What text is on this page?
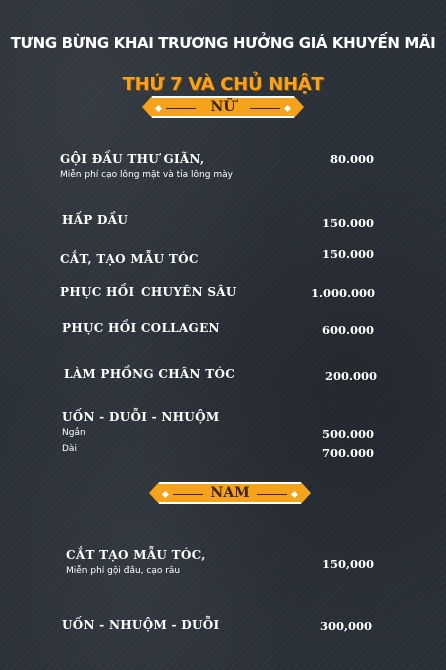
TƯNG BỪNG KHAI TRƯƠNG HƯỞNG GIÁ KHUYẾN MÃI
THỨ 7 VÀ CHỦ NHẬT
NỮ
GỘI ĐẦU THƯ GIÃN,
Miễn phí cạo lông mặt và tỉa lông mày
80.000
HẤP DẦU	150.000
CẮT, TẠO MẪU TÓC	150.000
PHỤC HỒI CHUYÊN SÂU	1.000.000
PHỤC HỒI COLLAGEN	600.000
LÀM PHỒNG CHÂN TÓC	200.000
UỐN - DUỖI - NHUỘM
Ngắn	500.000
Dài	700.000
NAM
CẮT TẠO MẪU TÓC,
Miễn phí gội đầu, cạo râu	150,000
UỐN - NHUỘM - DUỖI	300,000
